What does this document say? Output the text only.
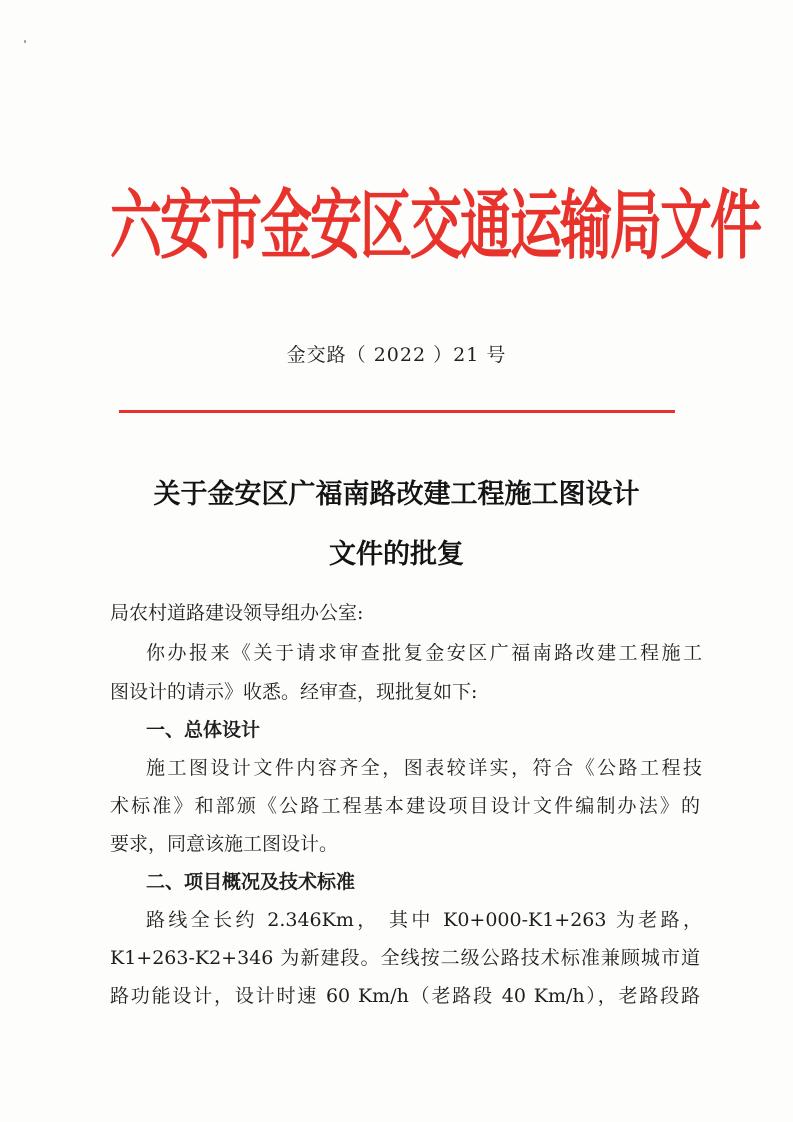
六安市金安区交通运输局文件
金交路（ 2022 ）21 号
关于金安区广福南路改建工程施工图设计
文件的批复
局农村道路建设领导组办公室:
你办报来《关于请求审查批复金安区广福南路改建工程施工
图设计的请示》收悉。经审查，现批复如下:
一、总体设计
施工图设计文件内容齐全，图表较详实，符合《公路工程技
术标准》和部颁《公路工程基本建设项目设计文件编制办法》的
要求，同意该施工图设计。
二、项目概况及技术标准
路线全长约 2.346Km， 其中 K0+000-K1+263 为老路，
K1+263-K2+346 为新建段。全线按二级公路技术标准兼顾城市道
路功能设计，设计时速 60 Km/h（老路段 40 Km/h），老路段路
